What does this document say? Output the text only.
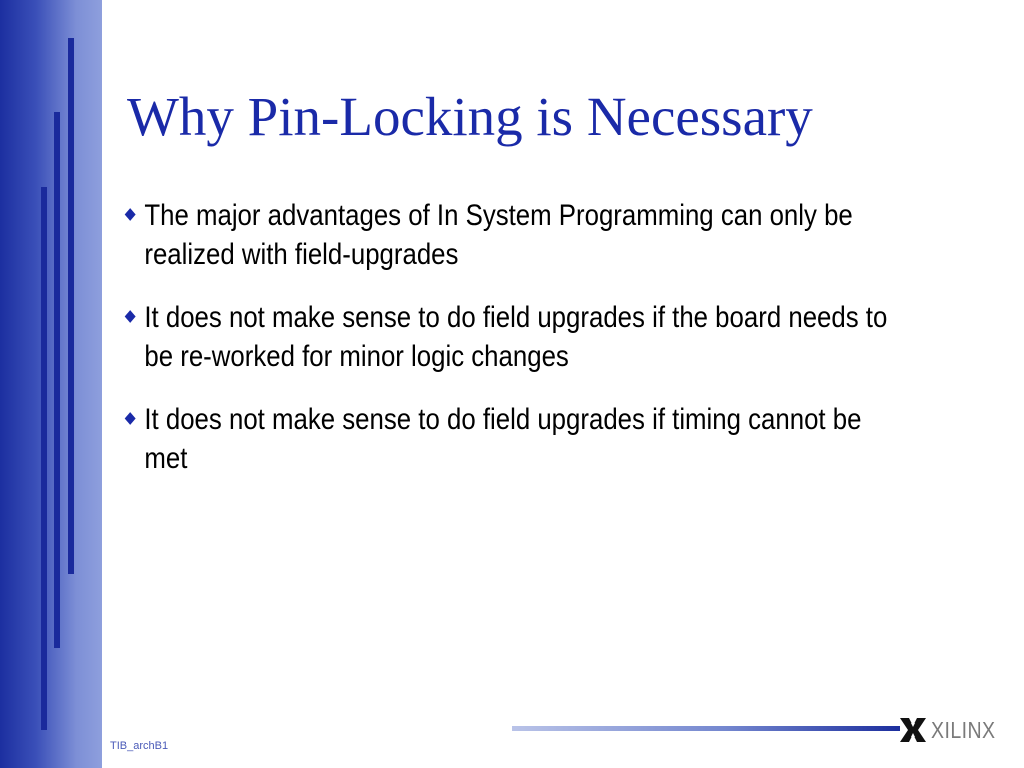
Why Pin-Locking is Necessary
The major advantages of In System Programming can only be realized with field-upgrades
It does not make sense to do field upgrades if the board needs to be re-worked for minor logic changes
It does not make sense to do field upgrades if timing cannot be met
TIB_archB1
XILINX
